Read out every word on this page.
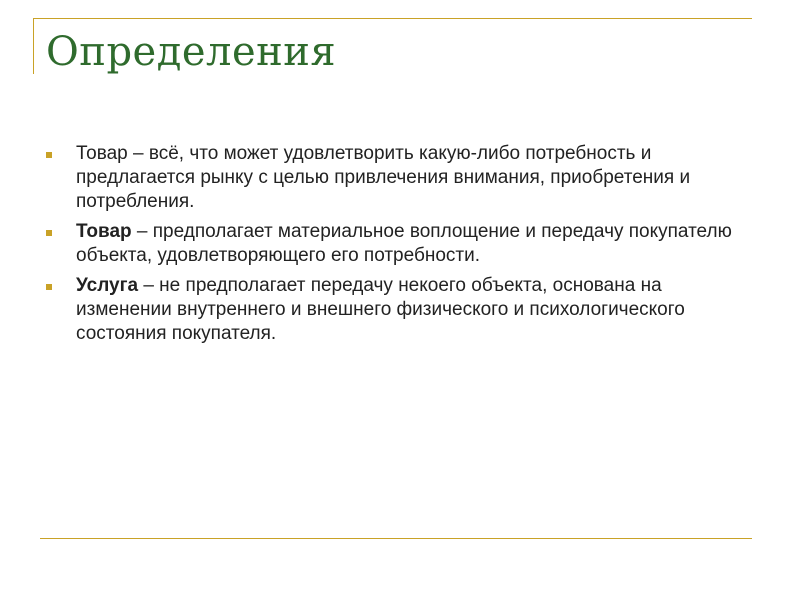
Определения
Товар – всё, что может удовлетворить какую-либо потребность и предлагается рынку с целью привлечения внимания, приобретения и потребления.
Товар – предполагает материальное воплощение и передачу покупателю объекта, удовлетворяющего его потребности.
Услуга – не предполагает передачу некоего объекта, основана на изменении внутреннего и внешнего физического и психологического состояния покупателя.
